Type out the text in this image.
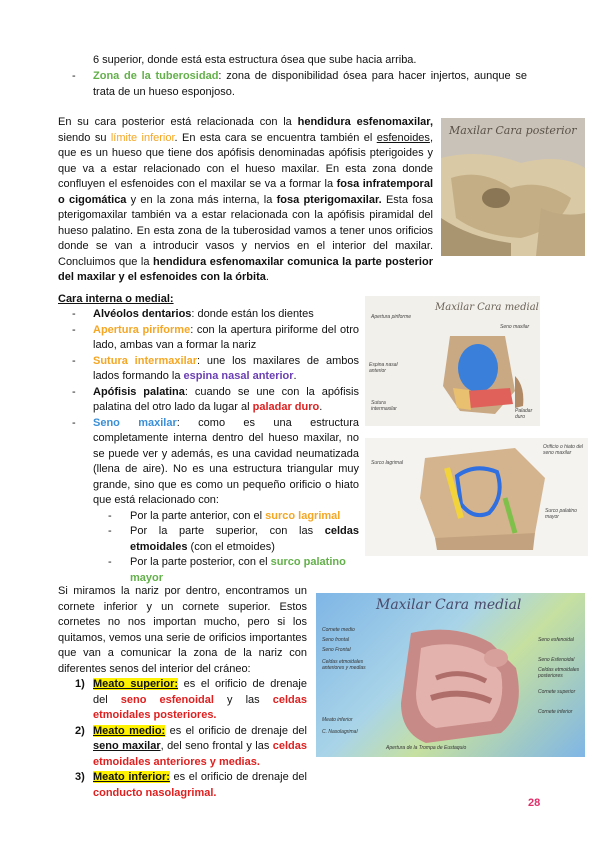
6 superior, donde está esta estructura ósea que sube hacia arriba.
- Zona de la tuberosidad: zona de disponibilidad ósea para hacer injertos, aunque se trata de un hueso esponjoso.
En su cara posterior está relacionada con la hendidura esfenomaxilar, siendo su límite inferior. En esta cara se encuentra también el esfenoides, que es un hueso que tiene dos apófisis denominadas apófisis pterigoides y que va a estar relacionado con el hueso maxilar. En esta zona donde confluyen el esfenoides con el maxilar se va a formar la fosa infratemporal o cigomática y en la zona más interna, la fosa pterigomaxilar. Esta fosa pterigomaxilar también va a estar relacionada con la apófisis piramidal del hueso palatino. En esta zona de la tuberosidad vamos a tener unos orificios donde se van a introducir vasos y nervios en el interior del maxilar. Concluimos que la hendidura esfenomaxilar comunica la parte posterior del maxilar y el esfenoides con la órbita.
Maxilar Cara posterior
Cara interna o medial:
- Alvéolos dentarios: donde están los dientes
- Apertura piriforme: con la apertura piriforme del otro lado, ambas van a formar la nariz
- Sutura intermaxilar: une los maxilares de ambos lados formando la espina nasal anterior.
- Apófisis palatina: cuando se une con la apófisis palatina del otro lado da lugar al paladar duro.
- Seno maxilar: como es una estructura completamente interna dentro del hueso maxilar, no se puede ver y además, es una cavidad neumatizada (llena de aire). No es una estructura triangular muy grande, sino que es como un pequeño orificio o hiato que está relacionado con:
- Por la parte anterior, con el surco lagrimal
- Por la parte superior, con las celdas etmoidales (con el etmoides)
- Por la parte posterior, con el surco palatino mayor
Maxilar Cara medial
Apertura piriforme
Seno maxilar
Espina nasal anterior
Sutura intermaxilar	Paladar duro
Surco lagrimal
Orificio o hiato del seno maxilar
Surco palatino mayor
Si miramos la nariz por dentro, encontramos un cornete inferior y un cornete superior. Estos cornetes no nos importan mucho, pero si los quitamos, vemos una serie de orificios importantes que van a comunicar la zona de la nariz con diferentes senos del interior del cráneo:
1) Meato superior: es el orificio de drenaje del seno esfenoidal y las celdas etmoidales posteriores.
2) Meato medio: es el orificio de drenaje del seno maxilar, del seno frontal y las celdas etmoidales anteriores y medias.
3) Meato inferior: es el orificio de drenaje del conducto nasolagrimal.
Maxilar Cara medial
Cornete medio
Seno frontal
Seno Frontal
Celdas etmoidales anteriores y medias
Meato inferior
C. Nasolagrimal
Seno esfenoidal
Seno Esfenoidal
Celdas etmoidales posteriores
Cornete superior
Cornete inferior
Apertura de la Trompa de Eustaquio
28
